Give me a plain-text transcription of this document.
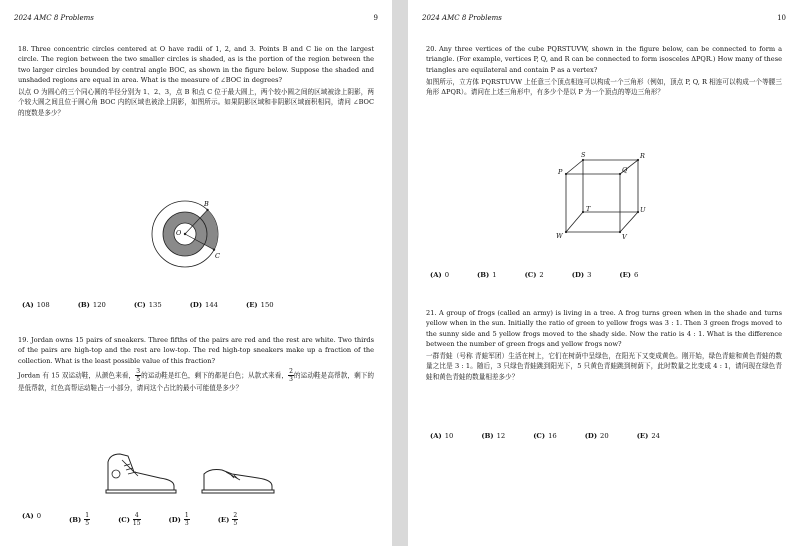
2024 AMC 8 Problems	9

18. Three concentric circles centered at O have radii of 1, 2, and 3. Points B and C lie on the largest circle. The region between the two smaller circles is shaded, as is the portion of the region between the two larger circles bounded by central angle BOC, as shown in the figure below. Suppose the shaded and unshaded regions are equal in area. What is the measure of ∠BOC in degrees?

以点 O 为圆心的三个同心圆的半径分别为 1、2、3，点 B 和点 C 位于最大圆上，两个较小圆之间的区域被涂上阴影，两个较大圆之间且位于圆心角 BOC 内的区域也被涂上阴影，如图所示。如果阴影区域和非阴影区域面积相同，请问 ∠BOC 的度数是多少？

O
B
C
(A) 108	(B) 120	(C) 135	(D) 144	(E) 150

19. Jordan owns 15 pairs of sneakers. Three fifths of the pairs are red and the rest are white. Two thirds of the pairs are high-top and the rest are low-top. The red high-top sneakers make up a fraction of the collection. What is the least possible value of this fraction?

Jordan 有 15 双运动鞋，从颜色来看， $\frac{3}{5}$ 的运动鞋是红色，剩下的都是白色；从款式来看， $\frac{2}{3}$ 的运动鞋是高帮款，剩下的是低帮款，红色高帮运动鞋占一小部分，请问这个占比的最小可能值是多少？

(A) 0	$(B) \frac{1}{5}$	$(C) \frac{4}{15}$	$(D) \frac{1}{3}$	$(E) \frac{2}{5}$
2024 AMC 8 Problems	10

20. Any three vertices of the cube PQRSTUVW, shown in the figure below, can be connected to form a triangle. (For example, vertices P, Q, and R can be connected to form isosceles ΔPQR.) How many of these triangles are equilateral and contain P as a vertex?

如图所示，立方体 PQRSTUVW 上任意三个顶点相连可以构成一个三角形（例如，顶点 P, Q, R 相连可以构成一个等腰三角形 ΔPQR）。请问在上述三角形中，有多少个是以 P 为一个顶点的等边三角形？

P	Q
R
S
T	U
V
W
(A) 0	(B) 1	(C) 2	(D) 3	(E) 6

21. A group of frogs (called an army) is living in a tree. A frog turns green when in the shade and turns yellow when in the sun. Initially the ratio of green to yellow frogs was 3 : 1. Then 3 green frogs moved to the sunny side and 5 yellow frogs moved to the shady side. Now the ratio is 4 : 1. What is the difference between the number of green frogs and yellow frogs now?

一群青蛙（号称 青蛙军团）生活在树上，它们在树荫中呈绿色，在阳光下又变成黄色。刚开始，绿色青蛙和黄色青蛙的数量之比是 3 : 1。随后，3 只绿色青蛙跳到阳光下，5 只黄色青蛙跳到树荫下，此时数量之比变成 4 : 1，请问现在绿色青蛙和黄色青蛙的数量相差多少？

(A) 10	(B) 12	(C) 16	(D) 20	(E) 24
